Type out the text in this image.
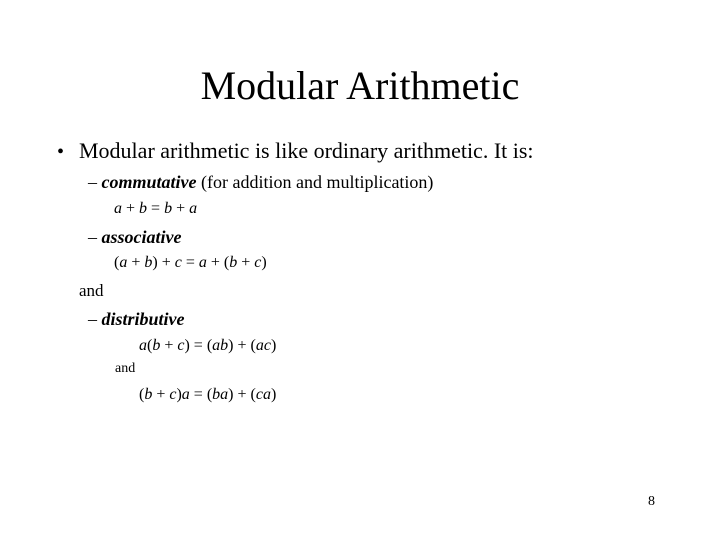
Modular Arithmetic
• Modular arithmetic is like ordinary arithmetic. It is:
– commutative (for addition and multiplication)
a + b = b + a
– associative
(a + b) + c = a + (b + c)
and
– distributive
a(b + c) = (ab) + (ac)
and
(b + c)a = (ba) + (ca)
8
